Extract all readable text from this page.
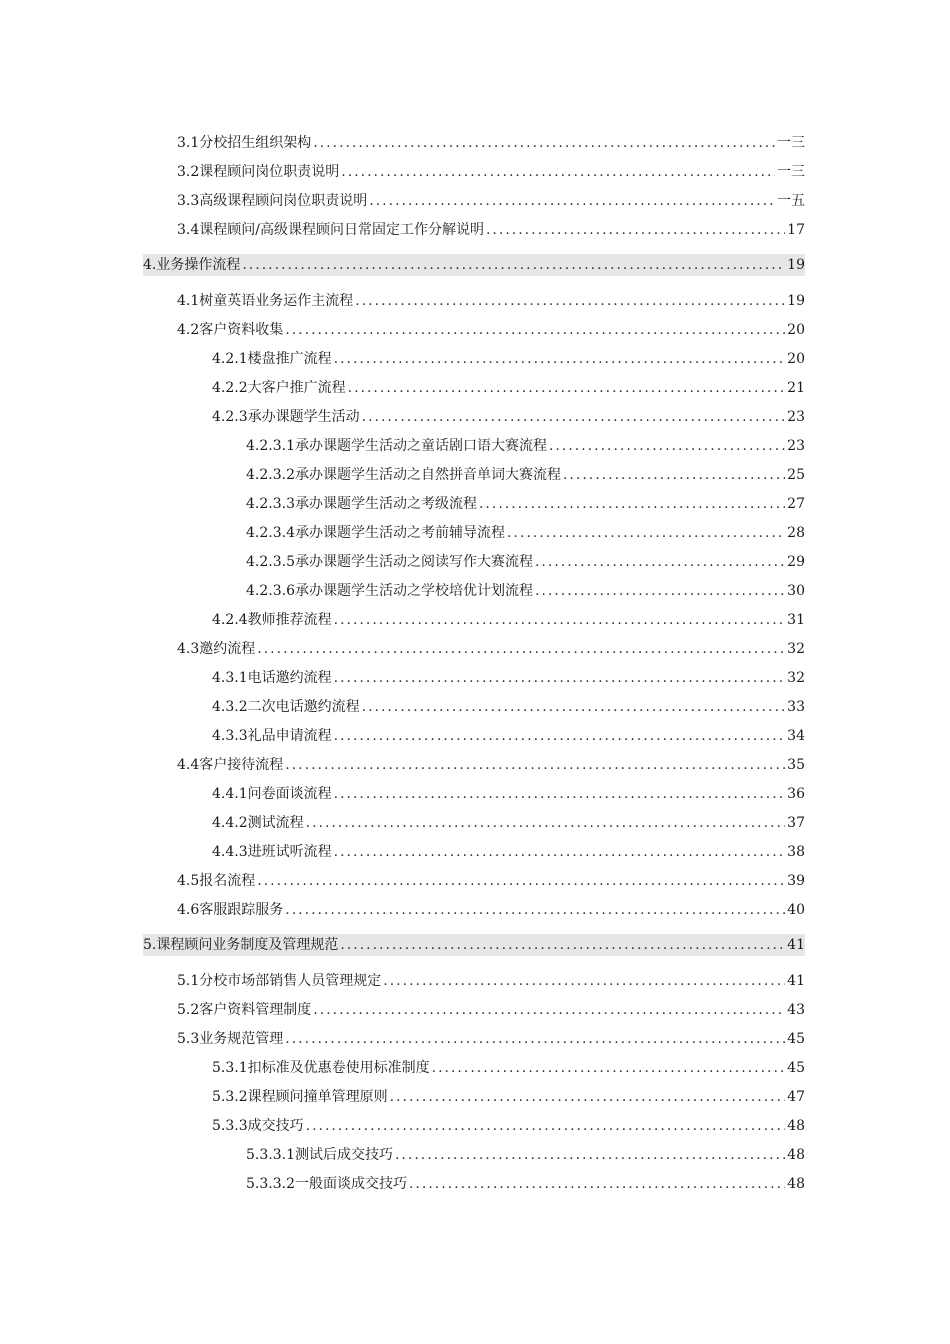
3.1分校招生组织架构 .....	一三
3.2课程顾问岗位职责说明 .....	一三
3.3高级课程顾问岗位职责说明 .....	一五
3.4课程顾问/高级课程顾问日常固定工作分解说明 .....	17
4.业务操作流程 .....	19
4.1树童英语业务运作主流程 .....	19
4.2客户资料收集 .....	20
4.2.1楼盘推广流程 .....	20
4.2.2大客户推广流程 .....	21
4.2.3承办课题学生活动 .....	23
4.2.3.1承办课题学生活动之童话剧口语大赛流程 .....	23
4.2.3.2承办课题学生活动之自然拼音单词大赛流程 .....	25
4.2.3.3承办课题学生活动之考级流程 .....	27
4.2.3.4承办课题学生活动之考前辅导流程 .....	28
4.2.3.5承办课题学生活动之阅读写作大赛流程 .....	29
4.2.3.6承办课题学生活动之学校培优计划流程 .....	30
4.2.4教师推荐流程 .....	31
4.3邀约流程 .....	32
4.3.1电话邀约流程 .....	32
4.3.2二次电话邀约流程 .....	33
4.3.3礼品申请流程 .....	34
4.4客户接待流程 .....	35
4.4.1问卷面谈流程 .....	36
4.4.2测试流程 .....	37
4.4.3进班试听流程 .....	38
4.5报名流程 .....	39
4.6客服跟踪服务 .....	40
5.课程顾问业务制度及管理规范 .....	41
5.1分校市场部销售人员管理规定 .....	41
5.2客户资料管理制度 .....	43
5.3业务规范管理 .....	45
5.3.1扣标准及优惠卷使用标准制度 .....	45
5.3.2课程顾问撞单管理原则 .....	47
5.3.3成交技巧 .....	48
5.3.3.1测试后成交技巧 .....	48
5.3.3.2一般面谈成交技巧 .....	48
